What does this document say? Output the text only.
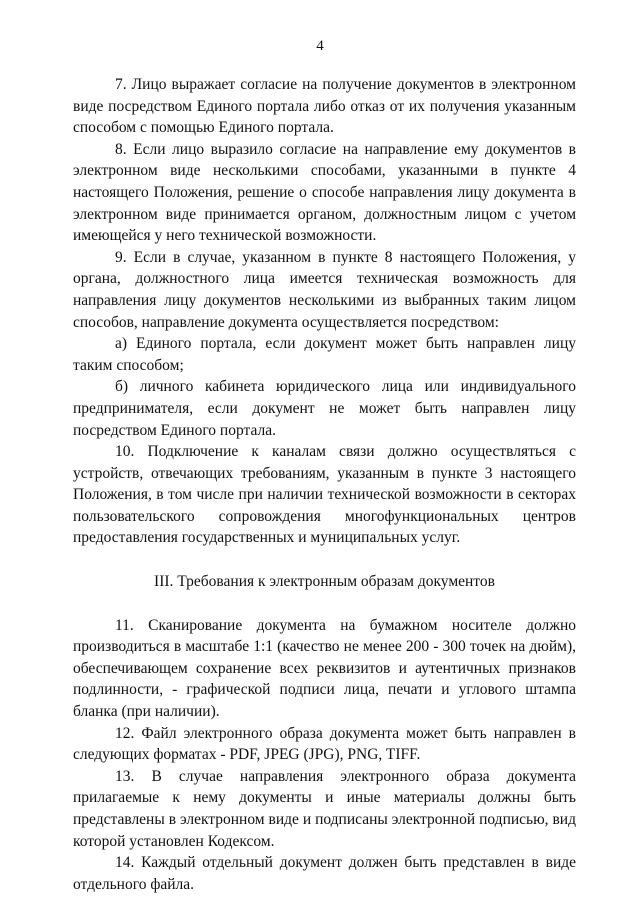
4

7. Лицо выражает согласие на получение документов в электронном виде посредством Единого портала либо отказ от их получения указанным способом с помощью Единого портала.

8. Если лицо выразило согласие на направление ему документов в электронном виде несколькими способами, указанными в пункте 4 настоящего Положения, решение о способе направления лицу документа в электронном виде принимается органом, должностным лицом с учетом имеющейся у него технической возможности.

9. Если в случае, указанном в пункте 8 настоящего Положения, у органа, должностного лица имеется техническая возможность для направления лицу документов несколькими из выбранных таким лицом способов, направление документа осуществляется посредством:

а) Единого портала, если документ может быть направлен лицу таким способом;

б) личного кабинета юридического лица или индивидуального предпринимателя, если документ не может быть направлен лицу посредством Единого портала.

10. Подключение к каналам связи должно осуществляться с устройств, отвечающих требованиям, указанным в пункте 3 настоящего Положения, в том числе при наличии технической возможности в секторах пользовательского сопровождения многофункциональных центров предоставления государственных и муниципальных услуг.

III. Требования к электронным образам документов

11. Сканирование документа на бумажном носителе должно производиться в масштабе 1:1 (качество не менее 200 - 300 точек на дюйм), обеспечивающем сохранение всех реквизитов и аутентичных признаков подлинности, - графической подписи лица, печати и углового штампа бланка (при наличии).

12. Файл электронного образа документа может быть направлен в следующих форматах - PDF, JPEG (JPG), PNG, TIFF.

13. В случае направления электронного образа документа прилагаемые к нему документы и иные материалы должны быть представлены в электронном виде и подписаны электронной подписью, вид которой установлен Кодексом.

14. Каждый отдельный документ должен быть представлен в виде отдельного файла.
